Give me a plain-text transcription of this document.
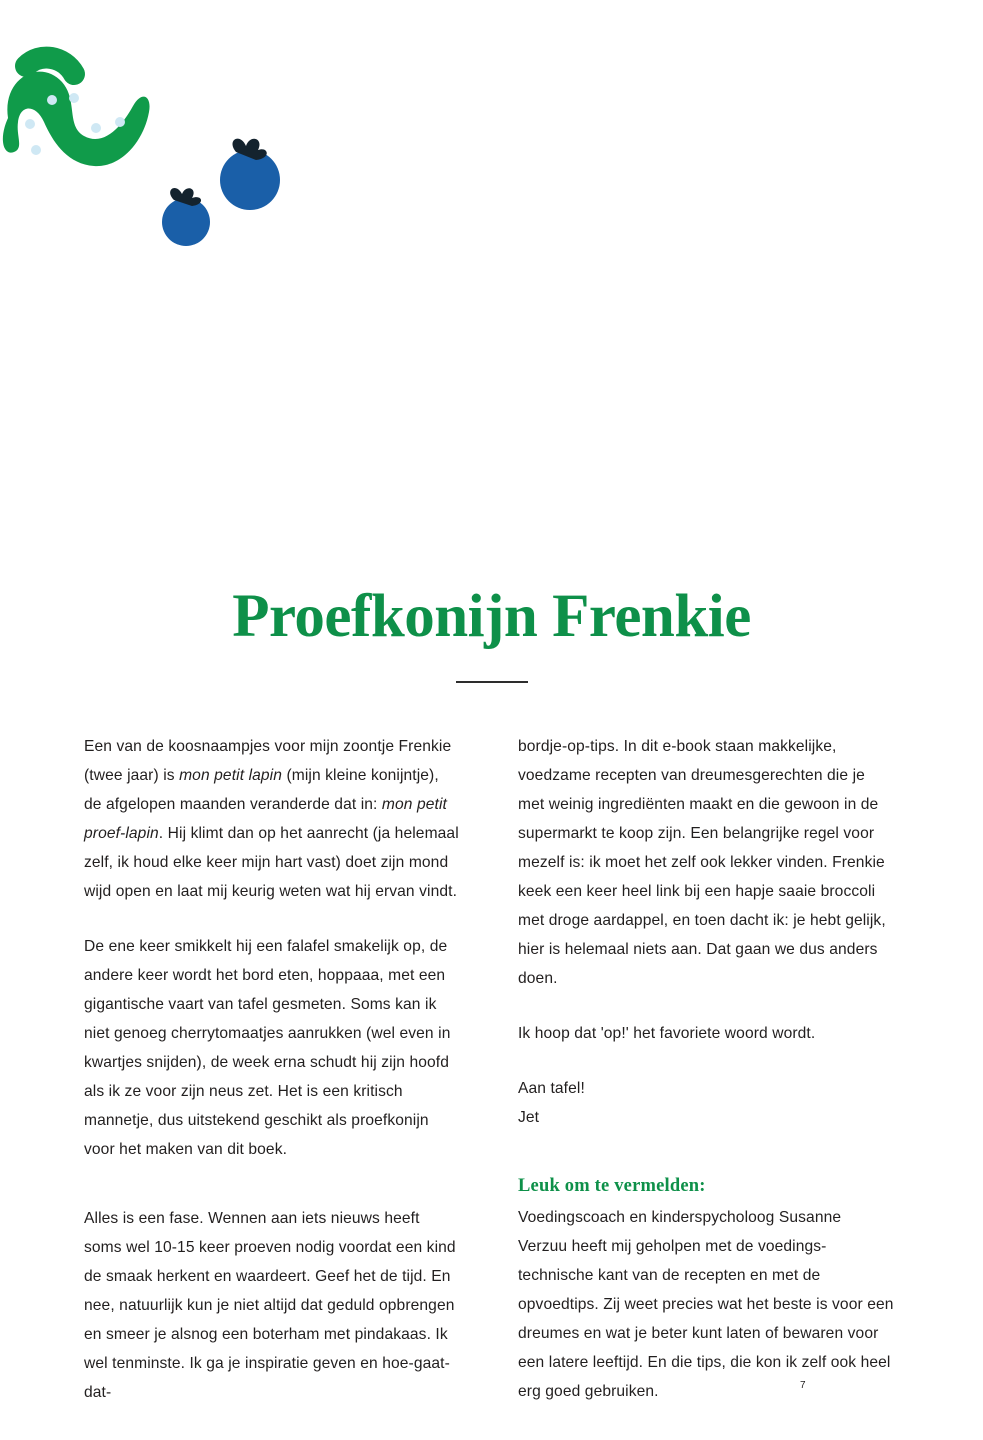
Proefkonijn Frenkie

Een van de koosnaampjes voor mijn zoontje Frenkie (twee jaar) is mon petit lapin (mijn kleine konijntje), de afgelopen maanden veranderde dat in: mon petit proef-lapin. Hij klimt dan op het aanrecht (ja helemaal zelf, ik houd elke keer mijn hart vast) doet zijn mond wijd open en laat mij keurig weten wat hij ervan vindt.

De ene keer smikkelt hij een falafel smakelijk op, de andere keer wordt het bord eten, hoppaaa, met een gigantische vaart van tafel gesmeten. Soms kan ik niet genoeg cherrytomaatjes aanrukken (wel even in kwartjes snijden), de week erna schudt hij zijn hoofd als ik ze voor zijn neus zet. Het is een kritisch mannetje, dus uitstekend geschikt als proefkonijn voor het maken van dit boek.

Alles is een fase. Wennen aan iets nieuws heeft soms wel 10-15 keer proeven nodig voordat een kind de smaak herkent en waardeert. Geef het de tijd. En nee, natuurlijk kun je niet altijd dat geduld opbrengen en smeer je alsnog een boterham met pindakaas. Ik wel tenminste. Ik ga je inspiratie geven en hoe-gaat-dat-

bordje-op-tips. In dit e-book staan makkelijke, voedzame recepten van dreumesgerechten die je met weinig ingrediënten maakt en die gewoon in de supermarkt te koop zijn. Een belangrijke regel voor mezelf is: ik moet het zelf ook lekker vinden. Frenkie keek een keer heel link bij een hapje saaie broccoli met droge aardappel, en toen dacht ik: je hebt gelijk, hier is helemaal niets aan. Dat gaan we dus anders doen.

Ik hoop dat 'op!' het favoriete woord wordt.

Aan tafel!
Jet

Leuk om te vermelden:

Voedingscoach en kinderspycholoog Susanne Verzuu heeft mij geholpen met de voedings-technische kant van de recepten en met de opvoedtips. Zij weet precies wat het beste is voor een dreumes en wat je beter kunt laten of bewaren voor een latere leeftijd. En die tips, die kon ik zelf ook heel erg goed gebruiken.	7
